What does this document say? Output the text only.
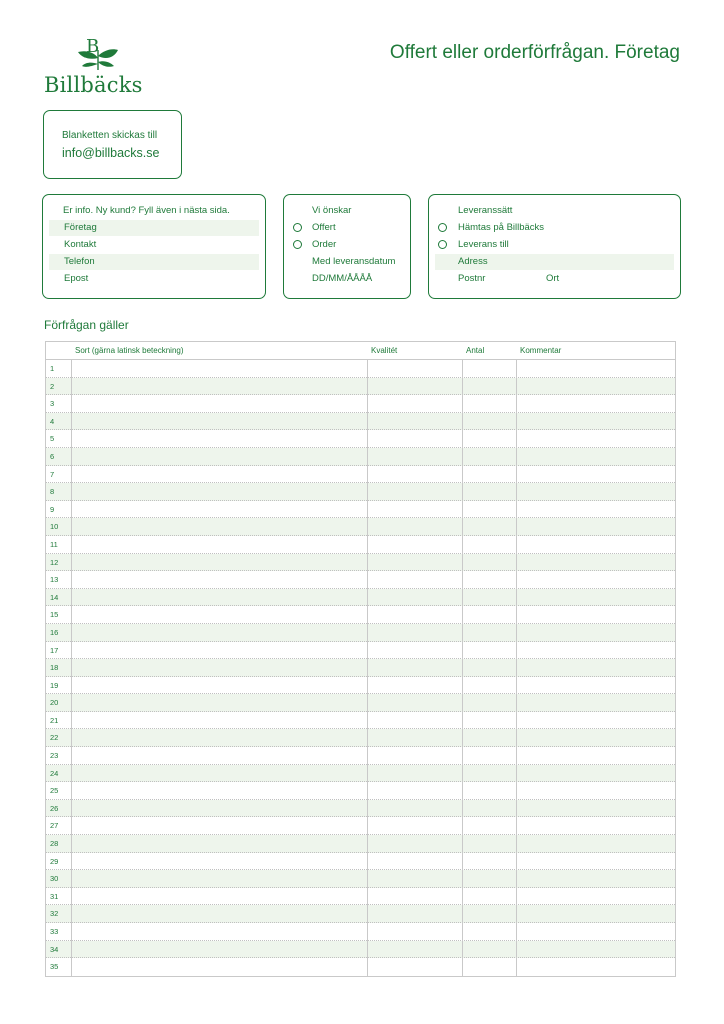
B
Billbäcks
Offert eller orderförfrågan. Företag
Blanketten skickas till
info@billbacks.se
Er info. Ny kund? Fyll även i nästa sida.
Företag
Kontakt
Telefon
Epost
Vi önskar
Offert
Order
Med leveransdatum
DD/MM/ÅÅÅÅ
Leveranssätt
Hämtas på Billbäcks
Leverans till
Adress
Postnr	Ort
Förfrågan gäller
Sort (gärna latinsk beteckning)	Kvalitét	Antal	Kommentar
1
2
3
4
5
6
7
8
9
10
11
12
13
14
15
16
17
18
19
20
21
22
23
24
25
26
27
28
29
30
31
32
33
34
35
